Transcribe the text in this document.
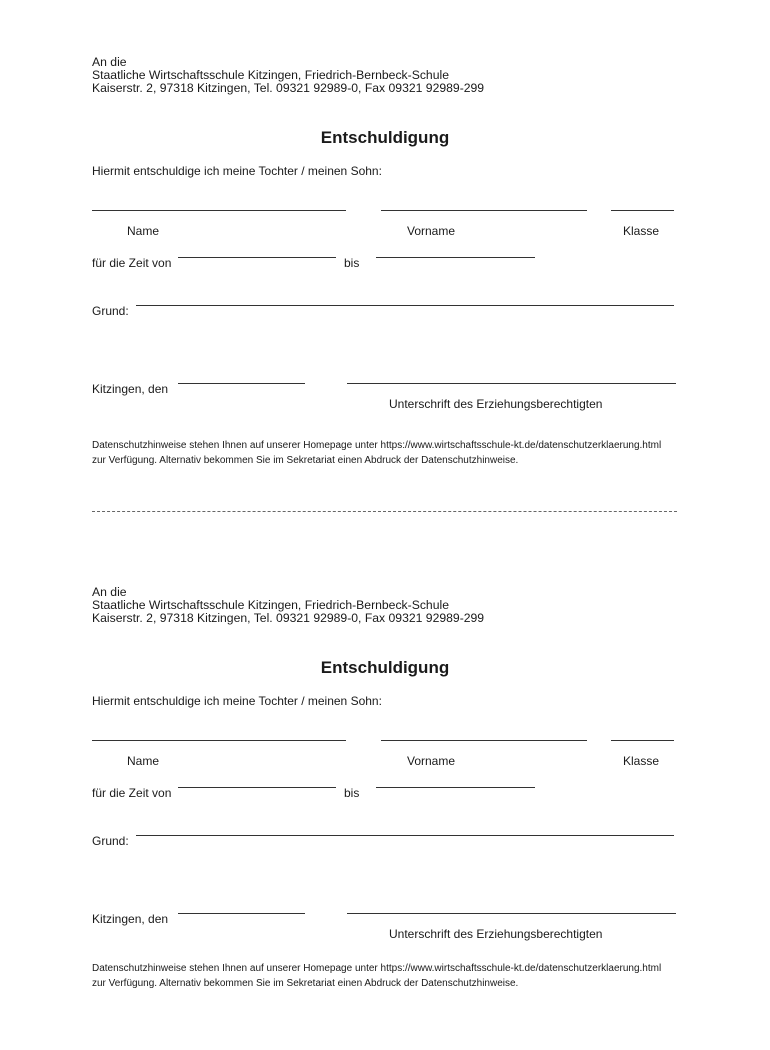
An die
Staatliche Wirtschaftsschule Kitzingen, Friedrich-Bernbeck-Schule
Kaiserstr. 2, 97318 Kitzingen, Tel. 09321 92989-0, Fax 09321 92989-299
Entschuldigung
Hiermit entschuldige ich meine Tochter / meinen Sohn:
Name	Vorname	Klasse
für die Zeit von	bis
Grund:
Kitzingen, den
Unterschrift des Erziehungsberechtigten
Datenschutzhinweise stehen Ihnen auf unserer Homepage unter https://www.wirtschaftsschule-kt.de/datenschutzerklaerung.html
zur Verfügung. Alternativ bekommen Sie im Sekretariat einen Abdruck der Datenschutzhinweise.
An die
Staatliche Wirtschaftsschule Kitzingen, Friedrich-Bernbeck-Schule
Kaiserstr. 2, 97318 Kitzingen, Tel. 09321 92989-0, Fax 09321 92989-299
Entschuldigung
Hiermit entschuldige ich meine Tochter / meinen Sohn:
Name	Vorname	Klasse
für die Zeit von	bis
Grund:
Kitzingen, den
Unterschrift des Erziehungsberechtigten
Datenschutzhinweise stehen Ihnen auf unserer Homepage unter https://www.wirtschaftsschule-kt.de/datenschutzerklaerung.html
zur Verfügung. Alternativ bekommen Sie im Sekretariat einen Abdruck der Datenschutzhinweise.
